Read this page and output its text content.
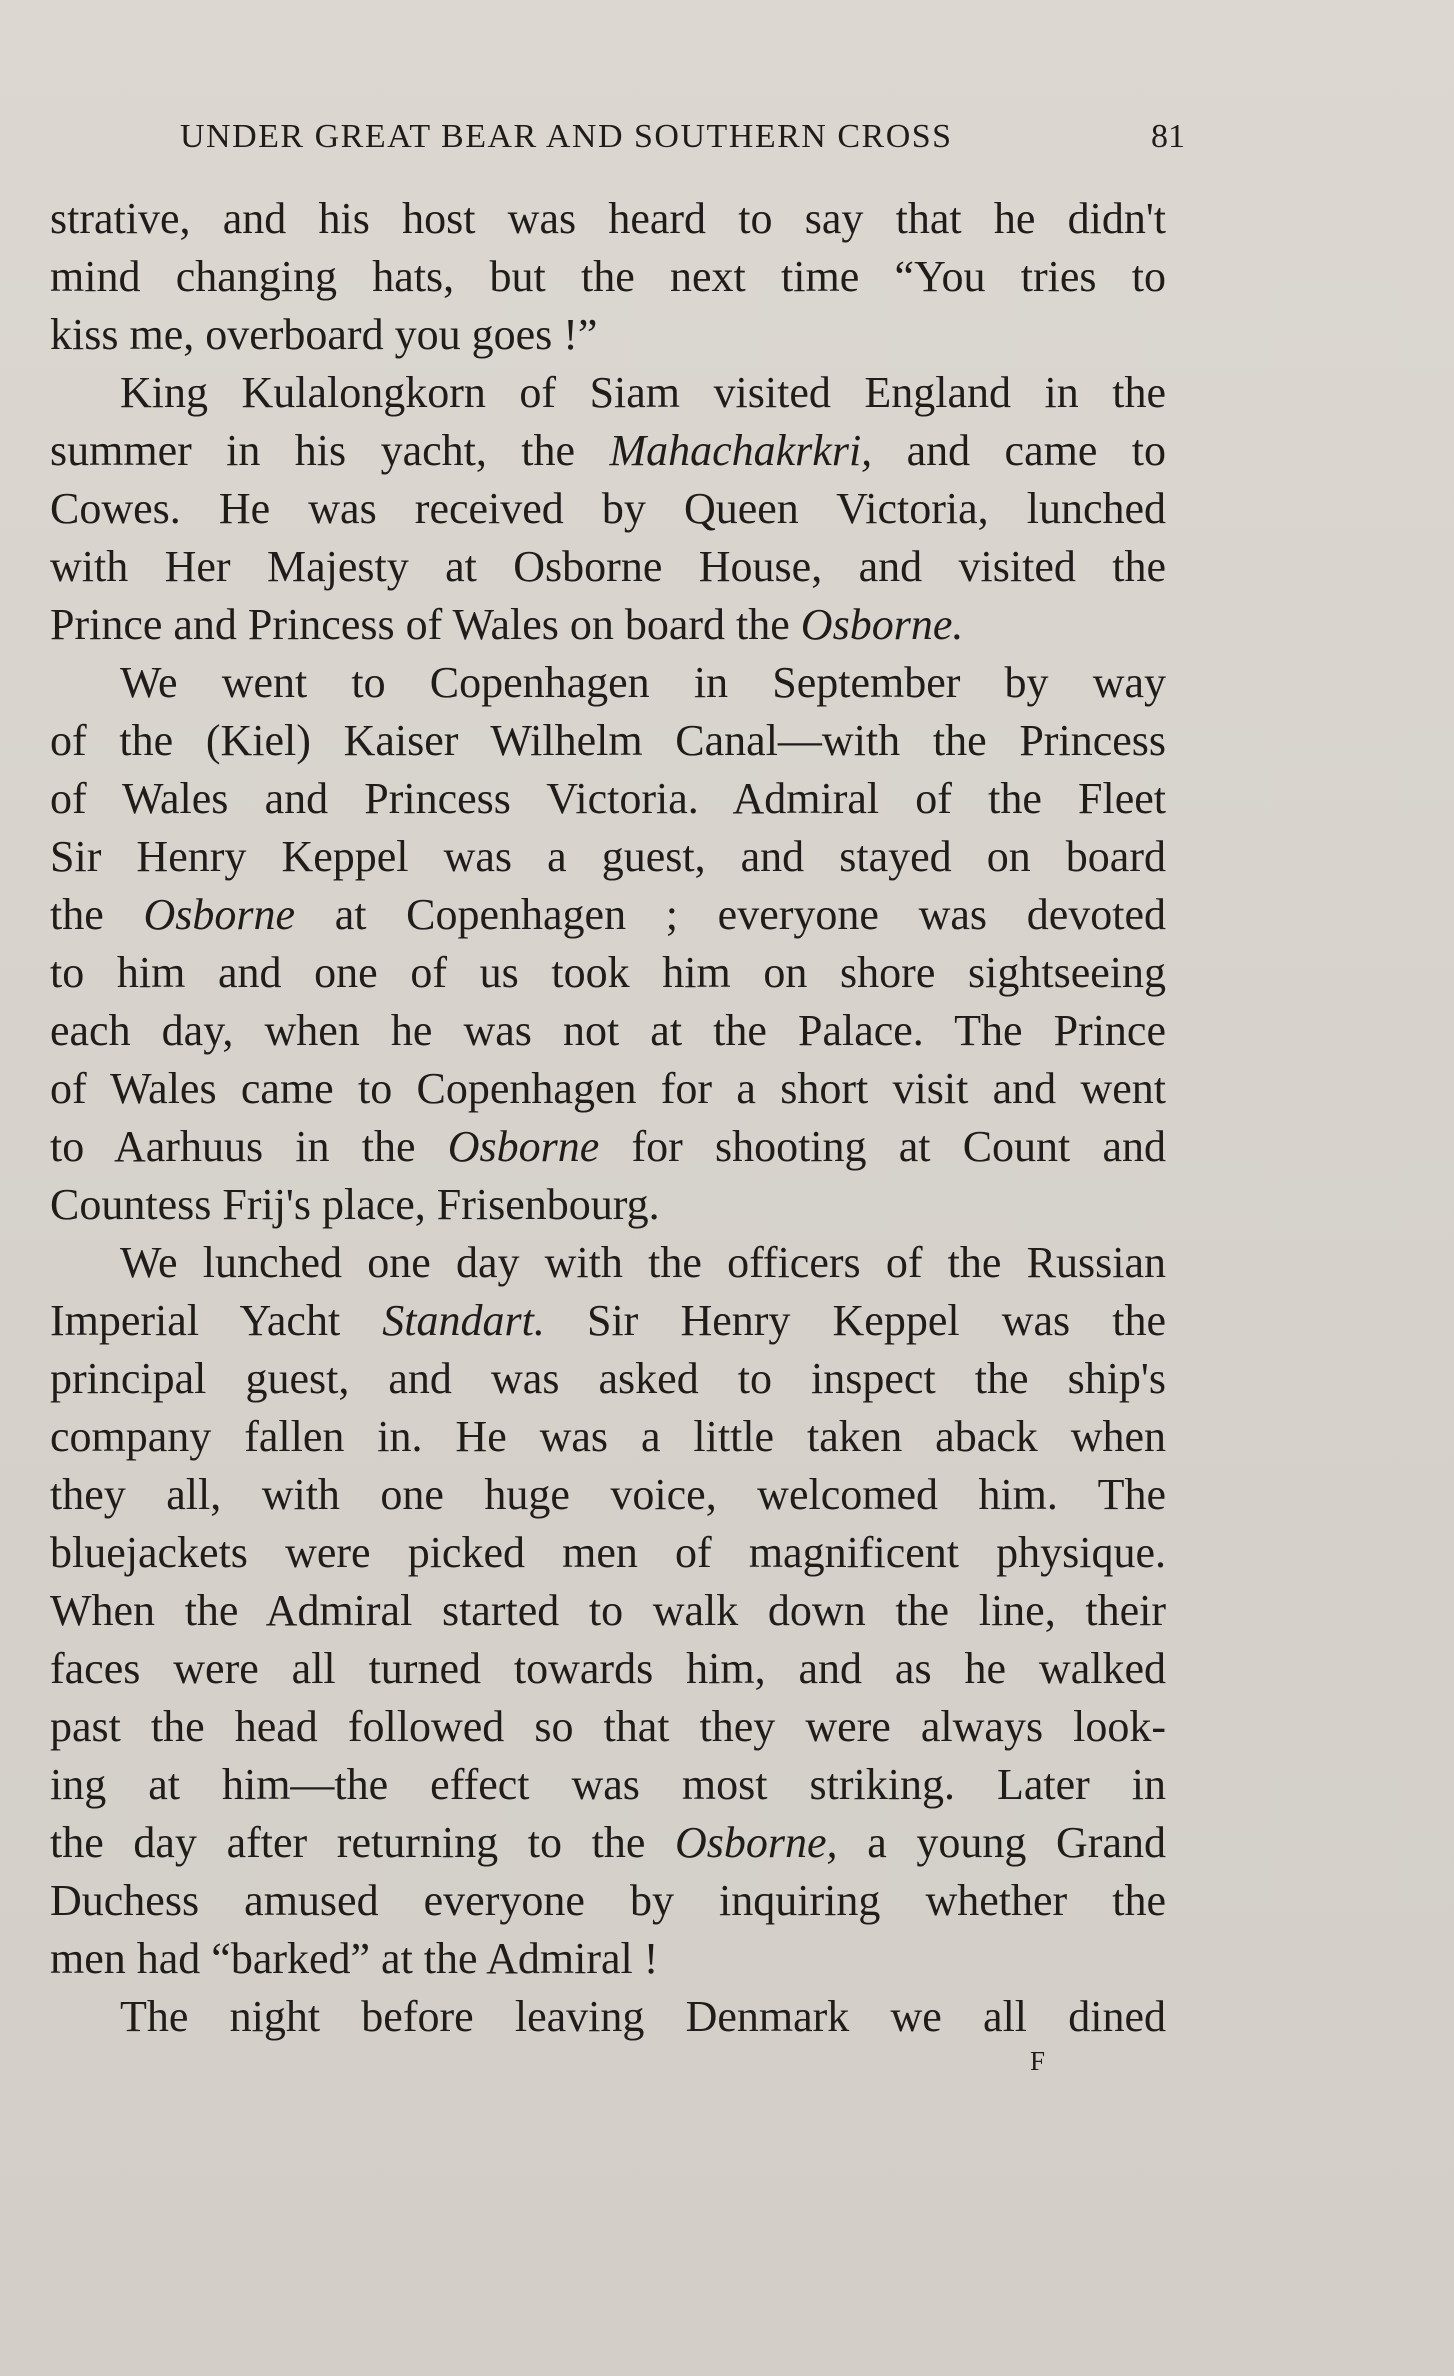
UNDER GREAT BEAR AND SOUTHERN CROSS	81
strative, and his host was heard to say that he didn't
mind changing hats, but the next time “You tries to
kiss me, overboard you goes !”
King Kulalongkorn of Siam visited England in the
summer in his yacht, the Mahachakrkri, and came to
Cowes. He was received by Queen Victoria, lunched
with Her Majesty at Osborne House, and visited the
Prince and Princess of Wales on board the Osborne.
We went to Copenhagen in September by way
of the (Kiel) Kaiser Wilhelm Canal—with the Princess
of Wales and Princess Victoria. Admiral of the Fleet
Sir Henry Keppel was a guest, and stayed on board
the Osborne at Copenhagen ; everyone was devoted
to him and one of us took him on shore sightseeing
each day, when he was not at the Palace. The Prince
of Wales came to Copenhagen for a short visit and went
to Aarhuus in the Osborne for shooting at Count and
Countess Frij's place, Frisenbourg.
We lunched one day with the officers of the Russian
Imperial Yacht Standart. Sir Henry Keppel was the
principal guest, and was asked to inspect the ship's
company fallen in. He was a little taken aback when
they all, with one huge voice, welcomed him. The
bluejackets were picked men of magnificent physique.
When the Admiral started to walk down the line, their
faces were all turned towards him, and as he walked
past the head followed so that they were always look-
ing at him—the effect was most striking. Later in
the day after returning to the Osborne, a young Grand
Duchess amused everyone by inquiring whether the
men had “barked” at the Admiral !
The night before leaving Denmark we all dined
F
